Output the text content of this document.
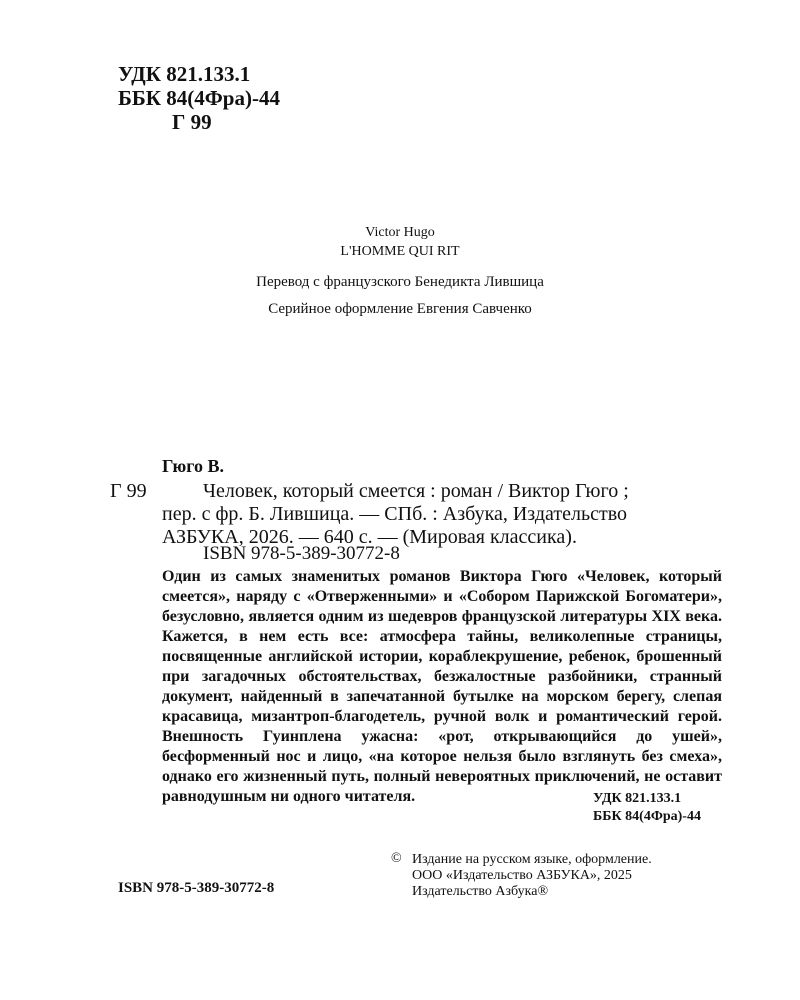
УДК 821.133.1
ББК 84(4Фра)-44
Г 99
Victor Hugo
L'HOMME QUI RIT
Перевод с французского Бенедикта Лившица
Серийное оформление Евгения Савченко
Гюго В.
Г 99	Человек, который смеется : роман / Виктор Гюго ;
пер. с фр. Б. Лившица. — СПб. : Азбука, Издательство
АЗБУКА, 2026. — 640 с. — (Мировая классика).
ISBN 978-5-389-30772-8
Один из самых знаменитых романов Виктора Гюго «Человек, который смеется», наряду с «Отверженными» и «Собором Парижской Богоматери», безусловно, является одним из шедевров французской литературы XIX века. Кажется, в нем есть все: атмосфера тайны, великолепные страницы, посвященные английской истории, кораблекрушение, ребенок, брошенный при загадочных обстоятельствах, безжалостные разбойники, странный документ, найденный в запечатанной бутылке на морском берегу, слепая красавица, мизантроп-благодетель, ручной волк и романтический герой. Внешность Гуинплена ужасна: «рот, открывающийся до ушей», бесформенный нос и лицо, «на которое нельзя было взглянуть без смеха», однако его жизненный путь, полный невероятных приключений, не оставит равнодушным ни одного читателя.	УДК 821.133.1
ББК 84(4Фра)-44
ISBN 978-5-389-30772-8
© Издание на русском языке, оформление.
ООО «Издательство АЗБУКА», 2025
Издательство Азбука®
